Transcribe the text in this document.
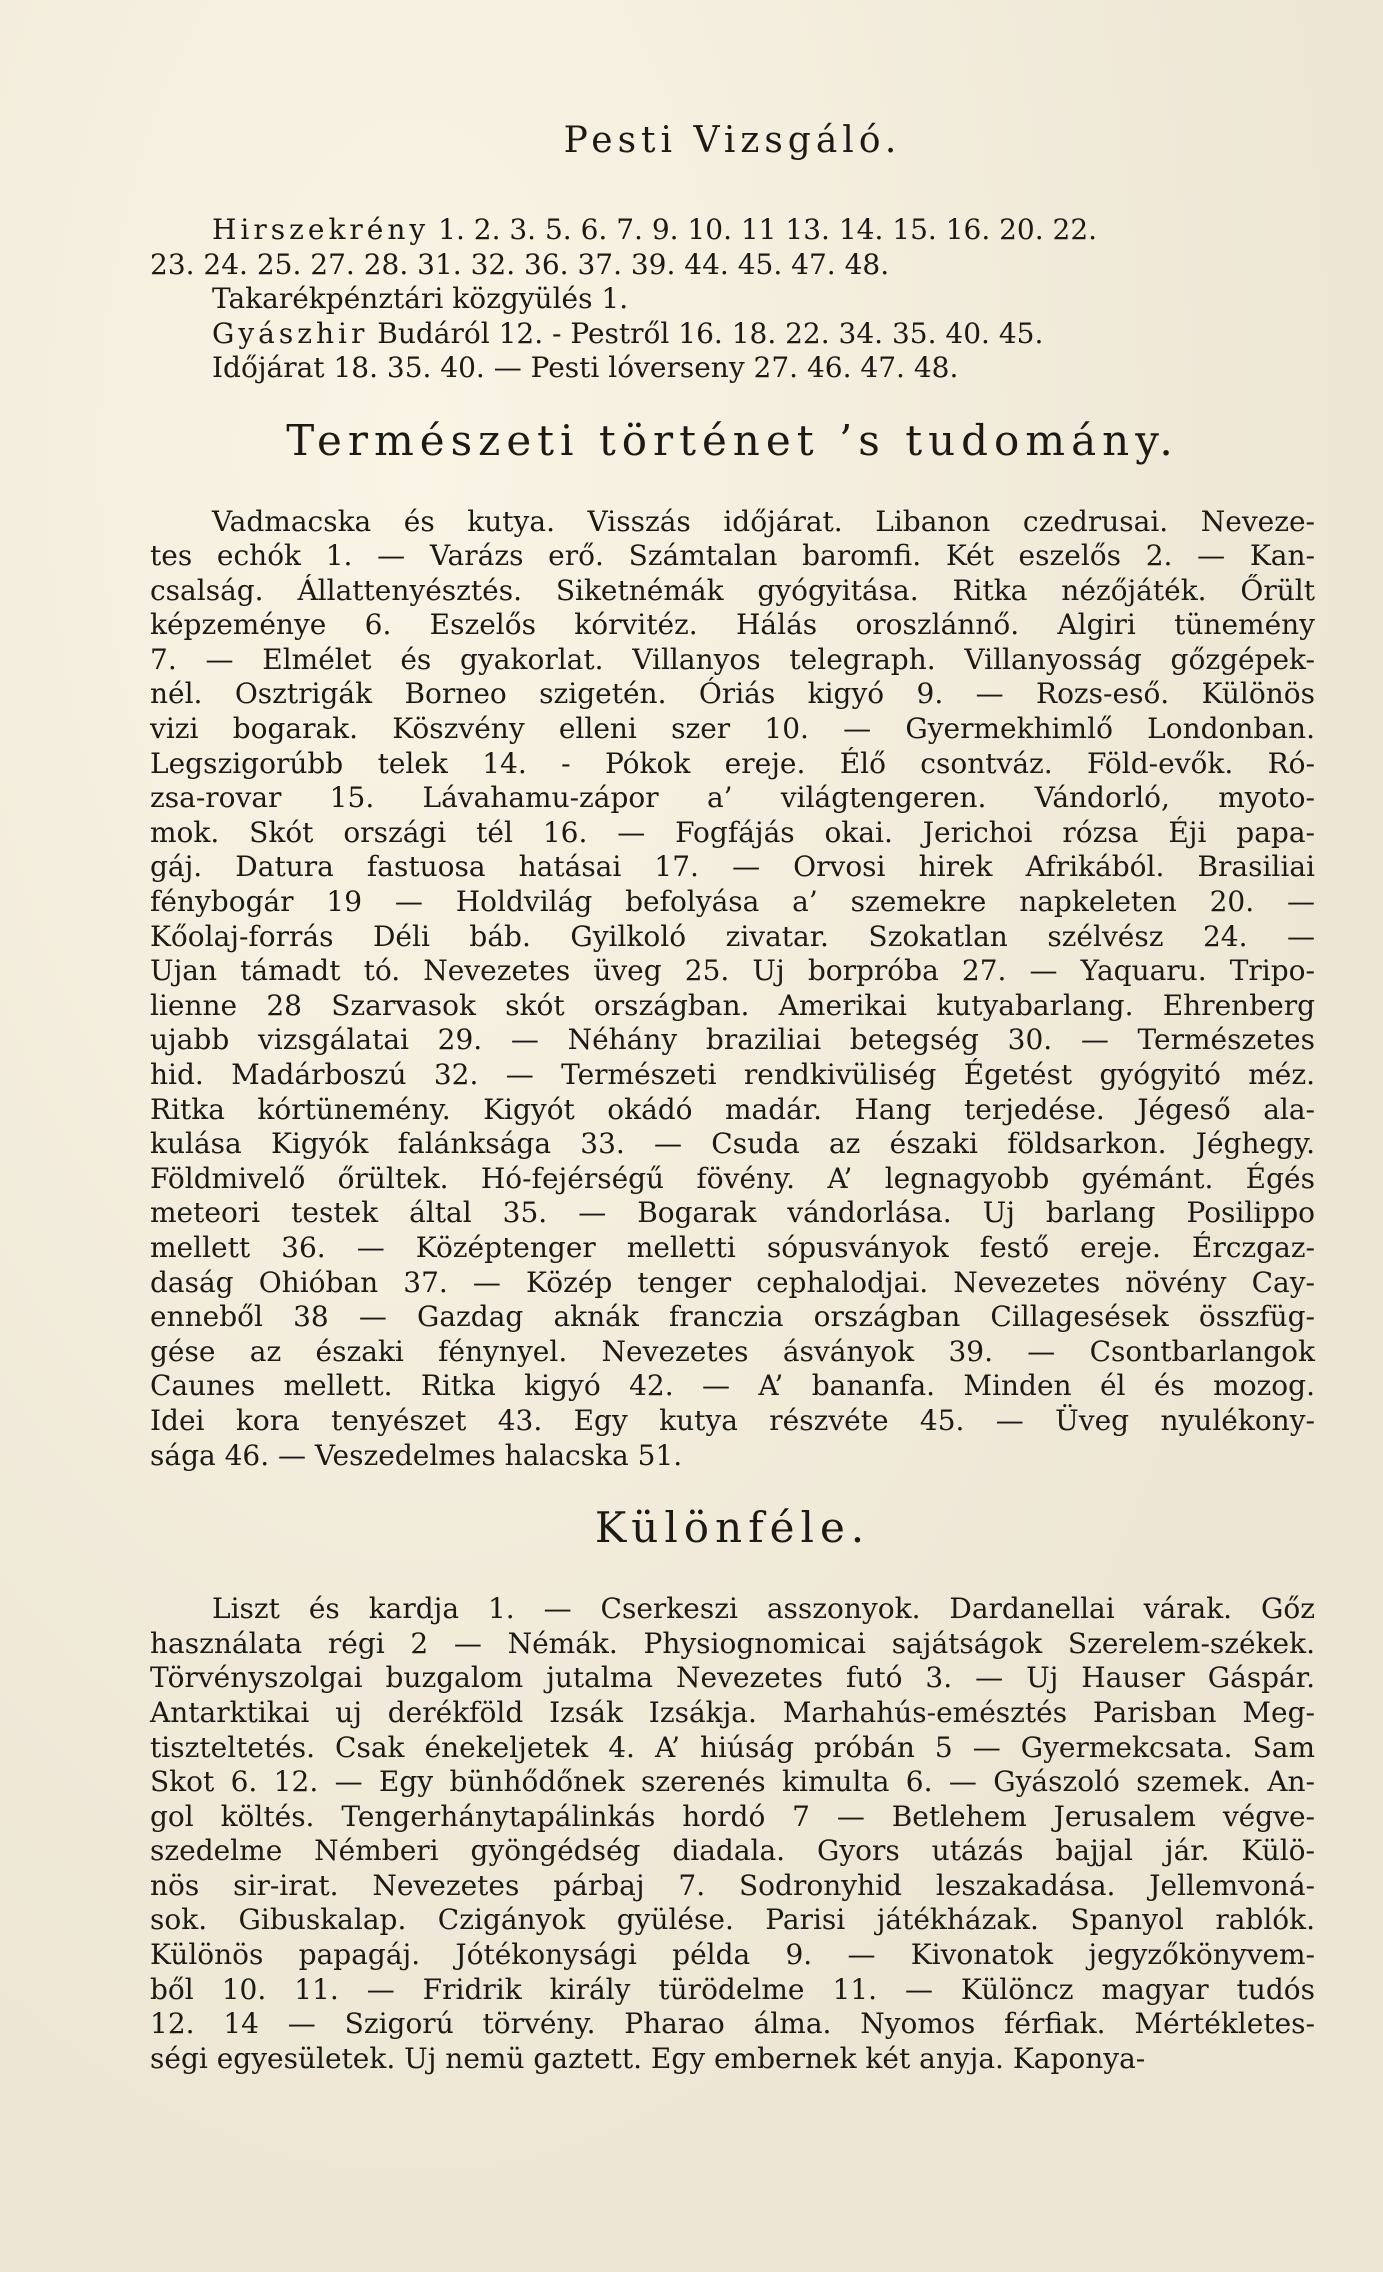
Pesti Vizsgáló.

Hirszekrény 1. 2. 3. 5. 6. 7. 9. 10. 11 13. 14. 15. 16. 20. 22.

23. 24. 25. 27. 28. 31. 32. 36. 37. 39. 44. 45. 47. 48.

Takarékpénztári közgyülés 1.

Gyászhir Budáról 12. - Pestről 16. 18. 22. 34. 35. 40. 45.

Időjárat 18. 35. 40. — Pesti lóverseny 27. 46. 47. 48.

Természeti történet ’s tudomány.

Vadmacska és kutya. Visszás időjárat. Libanon czedrusai. Neveze-

tes echók 1. — Varázs erő. Számtalan baromfi. Két eszelős 2. — Kan-

csalság. Állattenyésztés. Siketnémák gyógyitása. Ritka nézőjáték. Őrült

képzeménye 6. Eszelős kórvitéz. Hálás oroszlánnő. Algiri tünemény

7. — Elmélet és gyakorlat. Villanyos telegraph. Villanyosság gőzgépek-

nél. Osztrigák Borneo szigetén. Óriás kigyó 9. — Rozs-eső. Különös

vizi bogarak. Köszvény elleni szer 10. — Gyermekhimlő Londonban.

Legszigorúbb telek 14. - Pókok ereje. Élő csontváz. Föld-evők. Ró-

zsa-rovar 15. Lávahamu-zápor a’ világtengeren. Vándorló, myoto-

mok. Skót országi tél 16. — Fogfájás okai. Jerichoi rózsa Éji papa-

gáj. Datura fastuosa hatásai 17. — Orvosi hirek Afrikából. Brasiliai

fénybogár 19 — Holdvilág befolyása a’ szemekre napkeleten 20. —

Kőolaj-forrás Déli báb. Gyilkoló zivatar. Szokatlan szélvész 24. —

Ujan támadt tó. Nevezetes üveg 25. Uj borpróba 27. — Yaquaru. Tripo-

lienne 28 Szarvasok skót országban. Amerikai kutyabarlang. Ehrenberg

ujabb vizsgálatai 29. — Néhány braziliai betegség 30. — Természetes

hid. Madárboszú 32. — Természeti rendkivüliség Égetést gyógyitó méz.

Ritka kórtünemény. Kigyót okádó madár. Hang terjedése. Jégeső ala-

kulása Kigyók falánksága 33. — Csuda az északi földsarkon. Jéghegy.

Földmivelő őrültek. Hó-fejérségű fövény. A’ legnagyobb gyémánt. Égés

meteori testek által 35. — Bogarak vándorlása. Uj barlang Posilippo

mellett 36. — Középtenger melletti sópusványok festő ereje. Érczgaz-

daság Ohióban 37. — Közép tenger cephalodjai. Nevezetes növény Cay-

enneből 38 — Gazdag aknák franczia országban Cillagesések összfüg-

gése az északi fénynyel. Nevezetes ásványok 39. — Csontbarlangok

Caunes mellett. Ritka kigyó 42. — A’ bananfa. Minden él és mozog.

Idei kora tenyészet 43. Egy kutya részvéte 45. — Üveg nyulékony-

sága 46. — Veszedelmes halacska 51.

Különféle.

Liszt és kardja 1. — Cserkeszi asszonyok. Dardanellai várak. Gőz

használata régi 2 — Némák. Physiognomicai sajátságok Szerelem-székek.

Törvényszolgai buzgalom jutalma Nevezetes futó 3. — Uj Hauser Gáspár.

Antarktikai uj derékföld Izsák Izsákja. Marhahús-emésztés Parisban Meg-

tiszteltetés. Csak énekeljetek 4. A’ hiúság próbán 5 — Gyermekcsata. Sam

Skot 6. 12. — Egy bünhődőnek szerenés kimulta 6. — Gyászoló szemek. An-

gol költés. Tengerhánytapálinkás hordó 7 — Betlehem Jerusalem végve-

szedelme Némberi gyöngédség diadala. Gyors utázás bajjal jár. Külö-

nös sir-irat. Nevezetes párbaj 7. Sodronyhid leszakadása. Jellemvoná-

sok. Gibuskalap. Czigányok gyülése. Parisi játékházak. Spanyol rablók.

Különös papagáj. Jótékonysági példa 9. — Kivonatok jegyzőkönyvem-

ből 10. 11. — Fridrik király türödelme 11. — Különcz magyar tudós

12. 14 — Szigorú törvény. Pharao álma. Nyomos férfiak. Mértékletes-

ségi egyesületek. Uj nemü gaztett. Egy embernek két anyja. Kaponya-
